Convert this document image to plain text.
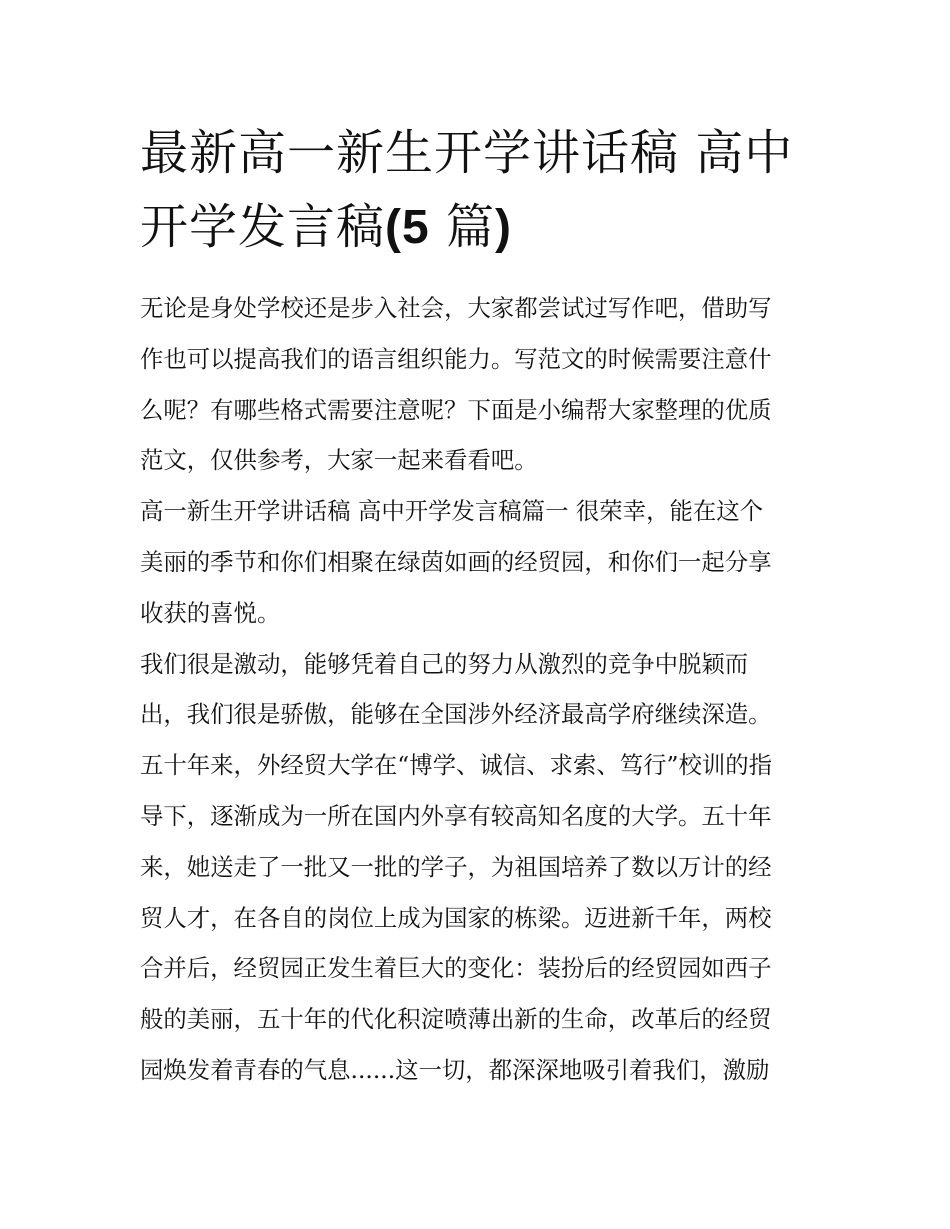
最新高一新生开学讲话稿 高中
开学发言稿(5 篇)
无论是身处学校还是步入社会，大家都尝试过写作吧，借助写
作也可以提高我们的语言组织能力。写范文的时候需要注意什
么呢？有哪些格式需要注意呢？下面是小编帮大家整理的优质
范文，仅供参考，大家一起来看看吧。
高一新生开学讲话稿 高中开学发言稿篇一 很荣幸，能在这个
美丽的季节和你们相聚在绿茵如画的经贸园，和你们一起分享
收获的喜悦。
我们很是激动，能够凭着自己的努力从激烈的竞争中脱颖而
出，我们很是骄傲，能够在全国涉外经济最高学府继续深造。
五十年来，外经贸大学在“博学、诚信、求索、笃行”校训的指
导下，逐渐成为一所在国内外享有较高知名度的大学。五十年
来，她送走了一批又一批的学子，为祖国培养了数以万计的经
贸人才，在各自的岗位上成为国家的栋梁。迈进新千年，两校
合并后，经贸园正发生着巨大的变化：装扮后的经贸园如西子
般的美丽，五十年的代化积淀喷薄出新的生命，改革后的经贸
园焕发着青春的气息......这一切，都深深地吸引着我们，激励
